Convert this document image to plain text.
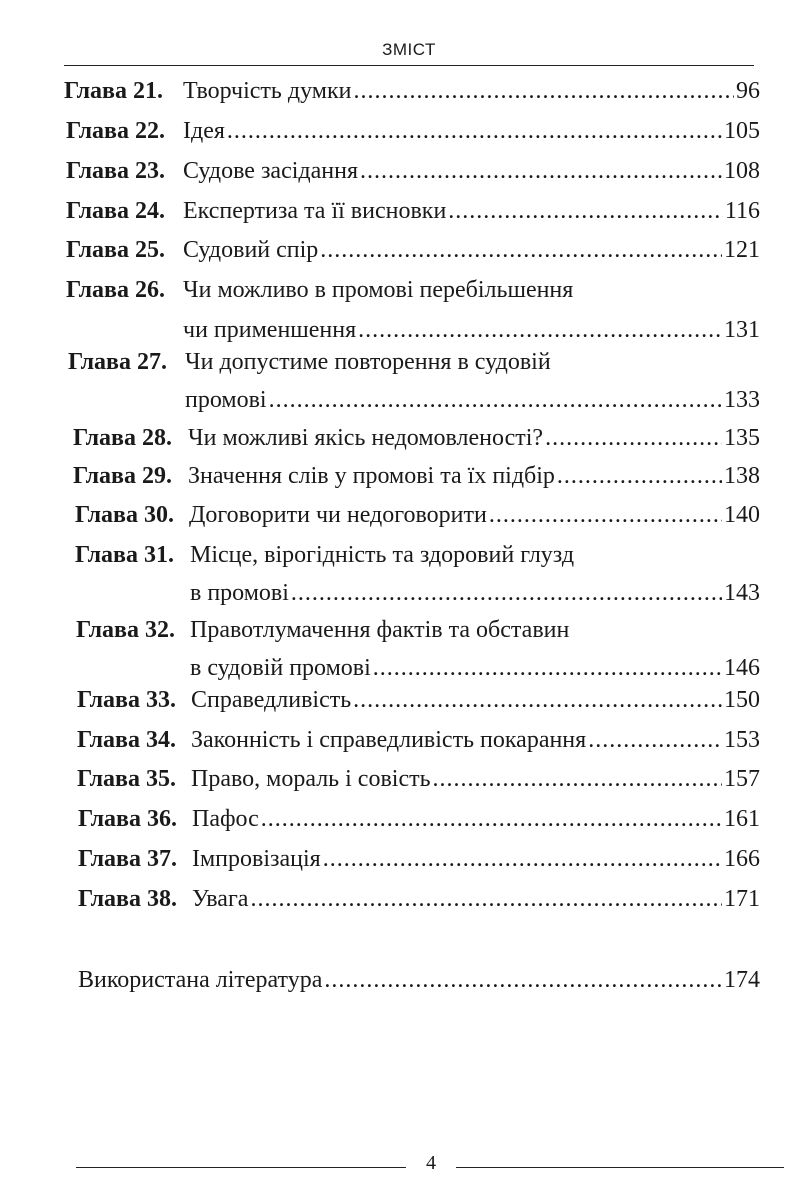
ЗМІСТ
Глава 21. Творчість думки .....	96
Глава 22. Ідея .....	105
Глава 23. Судове засідання .....	108
Глава 24. Експертиза та її висновки .....	116
Глава 25. Судовий спір .....	121
Глава 26. Чи можливо в промові перебільшення
чи применшення .....	131
Глава 27. Чи допустиме повторення в судовій
промові .....	133
Глава 28. Чи можливі якісь недомовленості? .....	135
Глава 29. Значення слів у промові та їх підбір .....	138
Глава 30. Договорити чи недоговорити .....	140
Глава 31. Місце, вірогідність та здоровий глузд
в промові .....	143
Глава 32. Правотлумачення фактів та обставин
в судовій промові .....	146
Глава 33. Справедливість .....	150
Глава 34. Законність і справедливість покарання .....	153
Глава 35. Право, мораль і совість .....	157
Глава 36. Пафос .....	161
Глава 37. Імпровізація .....	166
Глава 38. Увага .....	171
Використана література .....	174
4
